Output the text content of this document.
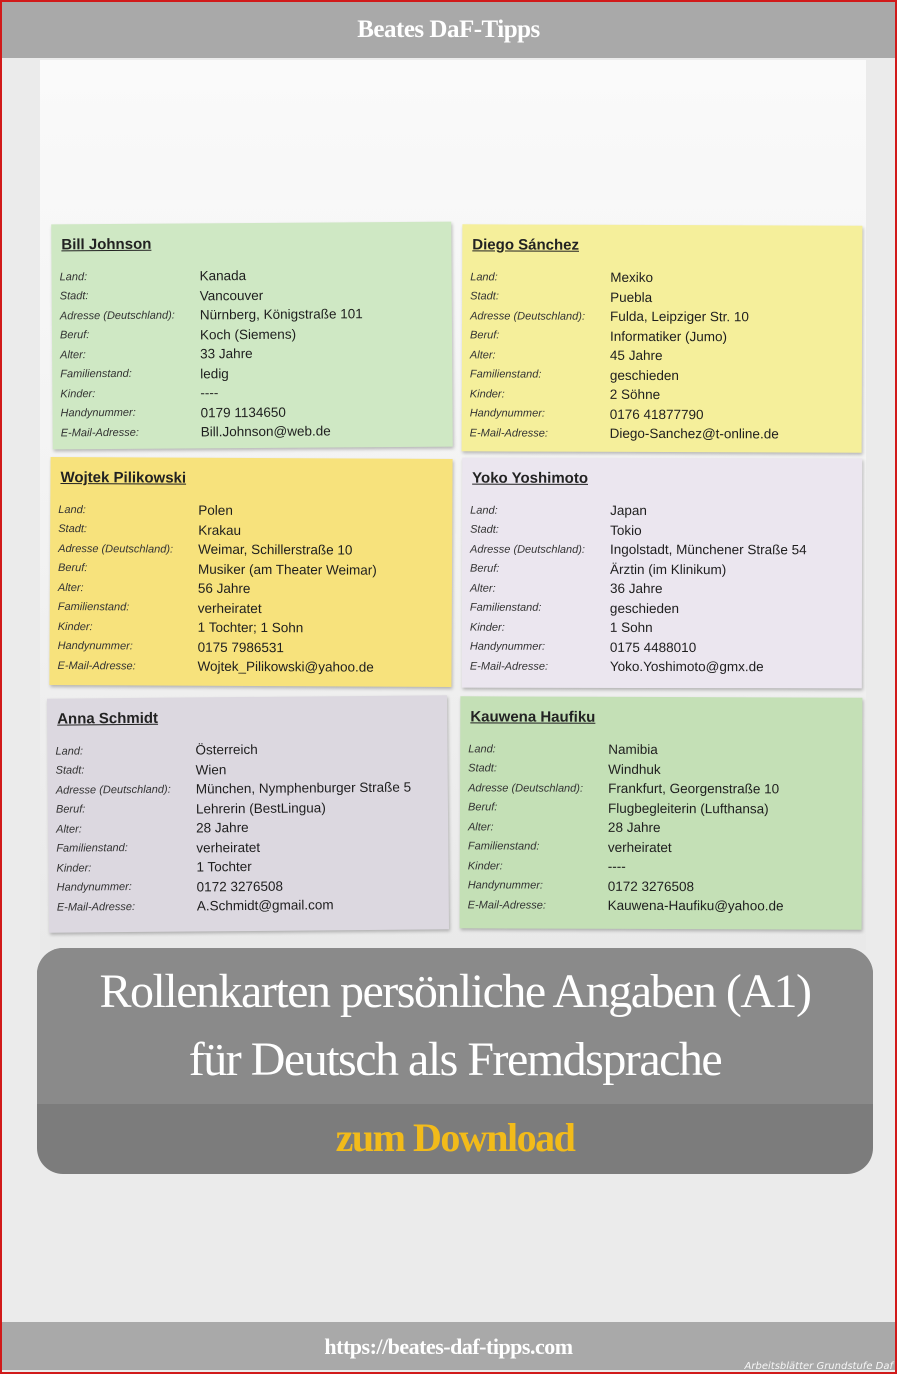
Beates DaF-Tipps
Bill Johnson
Land:	Kanada
Stadt:	Vancouver
Adresse (Deutschland):	Nürnberg, Königstraße 101
Beruf:	Koch (Siemens)
Alter:	33 Jahre
Familienstand:	ledig
Kinder:	----
Handynummer:	0179 1134650
E-Mail-Adresse:	Bill.Johnson@web.de
Diego Sánchez
Land:	Mexiko
Stadt:	Puebla
Adresse (Deutschland):	Fulda, Leipziger Str. 10
Beruf:	Informatiker (Jumo)
Alter:	45 Jahre
Familienstand:	geschieden
Kinder:	2 Söhne
Handynummer:	0176 41877790
E-Mail-Adresse:	Diego-Sanchez@t-online.de
Wojtek Pilikowski
Land:	Polen
Stadt:	Krakau
Adresse (Deutschland):	Weimar, Schillerstraße 10
Beruf:	Musiker (am Theater Weimar)
Alter:	56 Jahre
Familienstand:	verheiratet
Kinder:	1 Tochter; 1 Sohn
Handynummer:	0175 7986531
E-Mail-Adresse:	Wojtek_Pilikowski@yahoo.de
Yoko Yoshimoto
Land:	Japan
Stadt:	Tokio
Adresse (Deutschland):	Ingolstadt, Münchener Straße 54
Beruf:	Ärztin (im Klinikum)
Alter:	36 Jahre
Familienstand:	geschieden
Kinder:	1 Sohn
Handynummer:	0175 4488010
E-Mail-Adresse:	Yoko.Yoshimoto@gmx.de
Anna Schmidt
Land:	Österreich
Stadt:	Wien
Adresse (Deutschland):	München, Nymphenburger Straße 5
Beruf:	Lehrerin (BestLingua)
Alter:	28 Jahre
Familienstand:	verheiratet
Kinder:	1 Tochter
Handynummer:	0172 3276508
E-Mail-Adresse:	A.Schmidt@gmail.com
Kauwena Haufiku
Land:	Namibia
Stadt:	Windhuk
Adresse (Deutschland):	Frankfurt, Georgenstraße 10
Beruf:	Flugbegleiterin (Lufthansa)
Alter:	28 Jahre
Familienstand:	verheiratet
Kinder:	----
Handynummer:	0172 3276508
E-Mail-Adresse:	Kauwena-Haufiku@yahoo.de
Rollenkarten persönliche Angaben (A1)
für Deutsch als Fremdsprache
zum Download
https://beates-daf-tipps.com
Arbeitsblätter Grundstufe Daf
